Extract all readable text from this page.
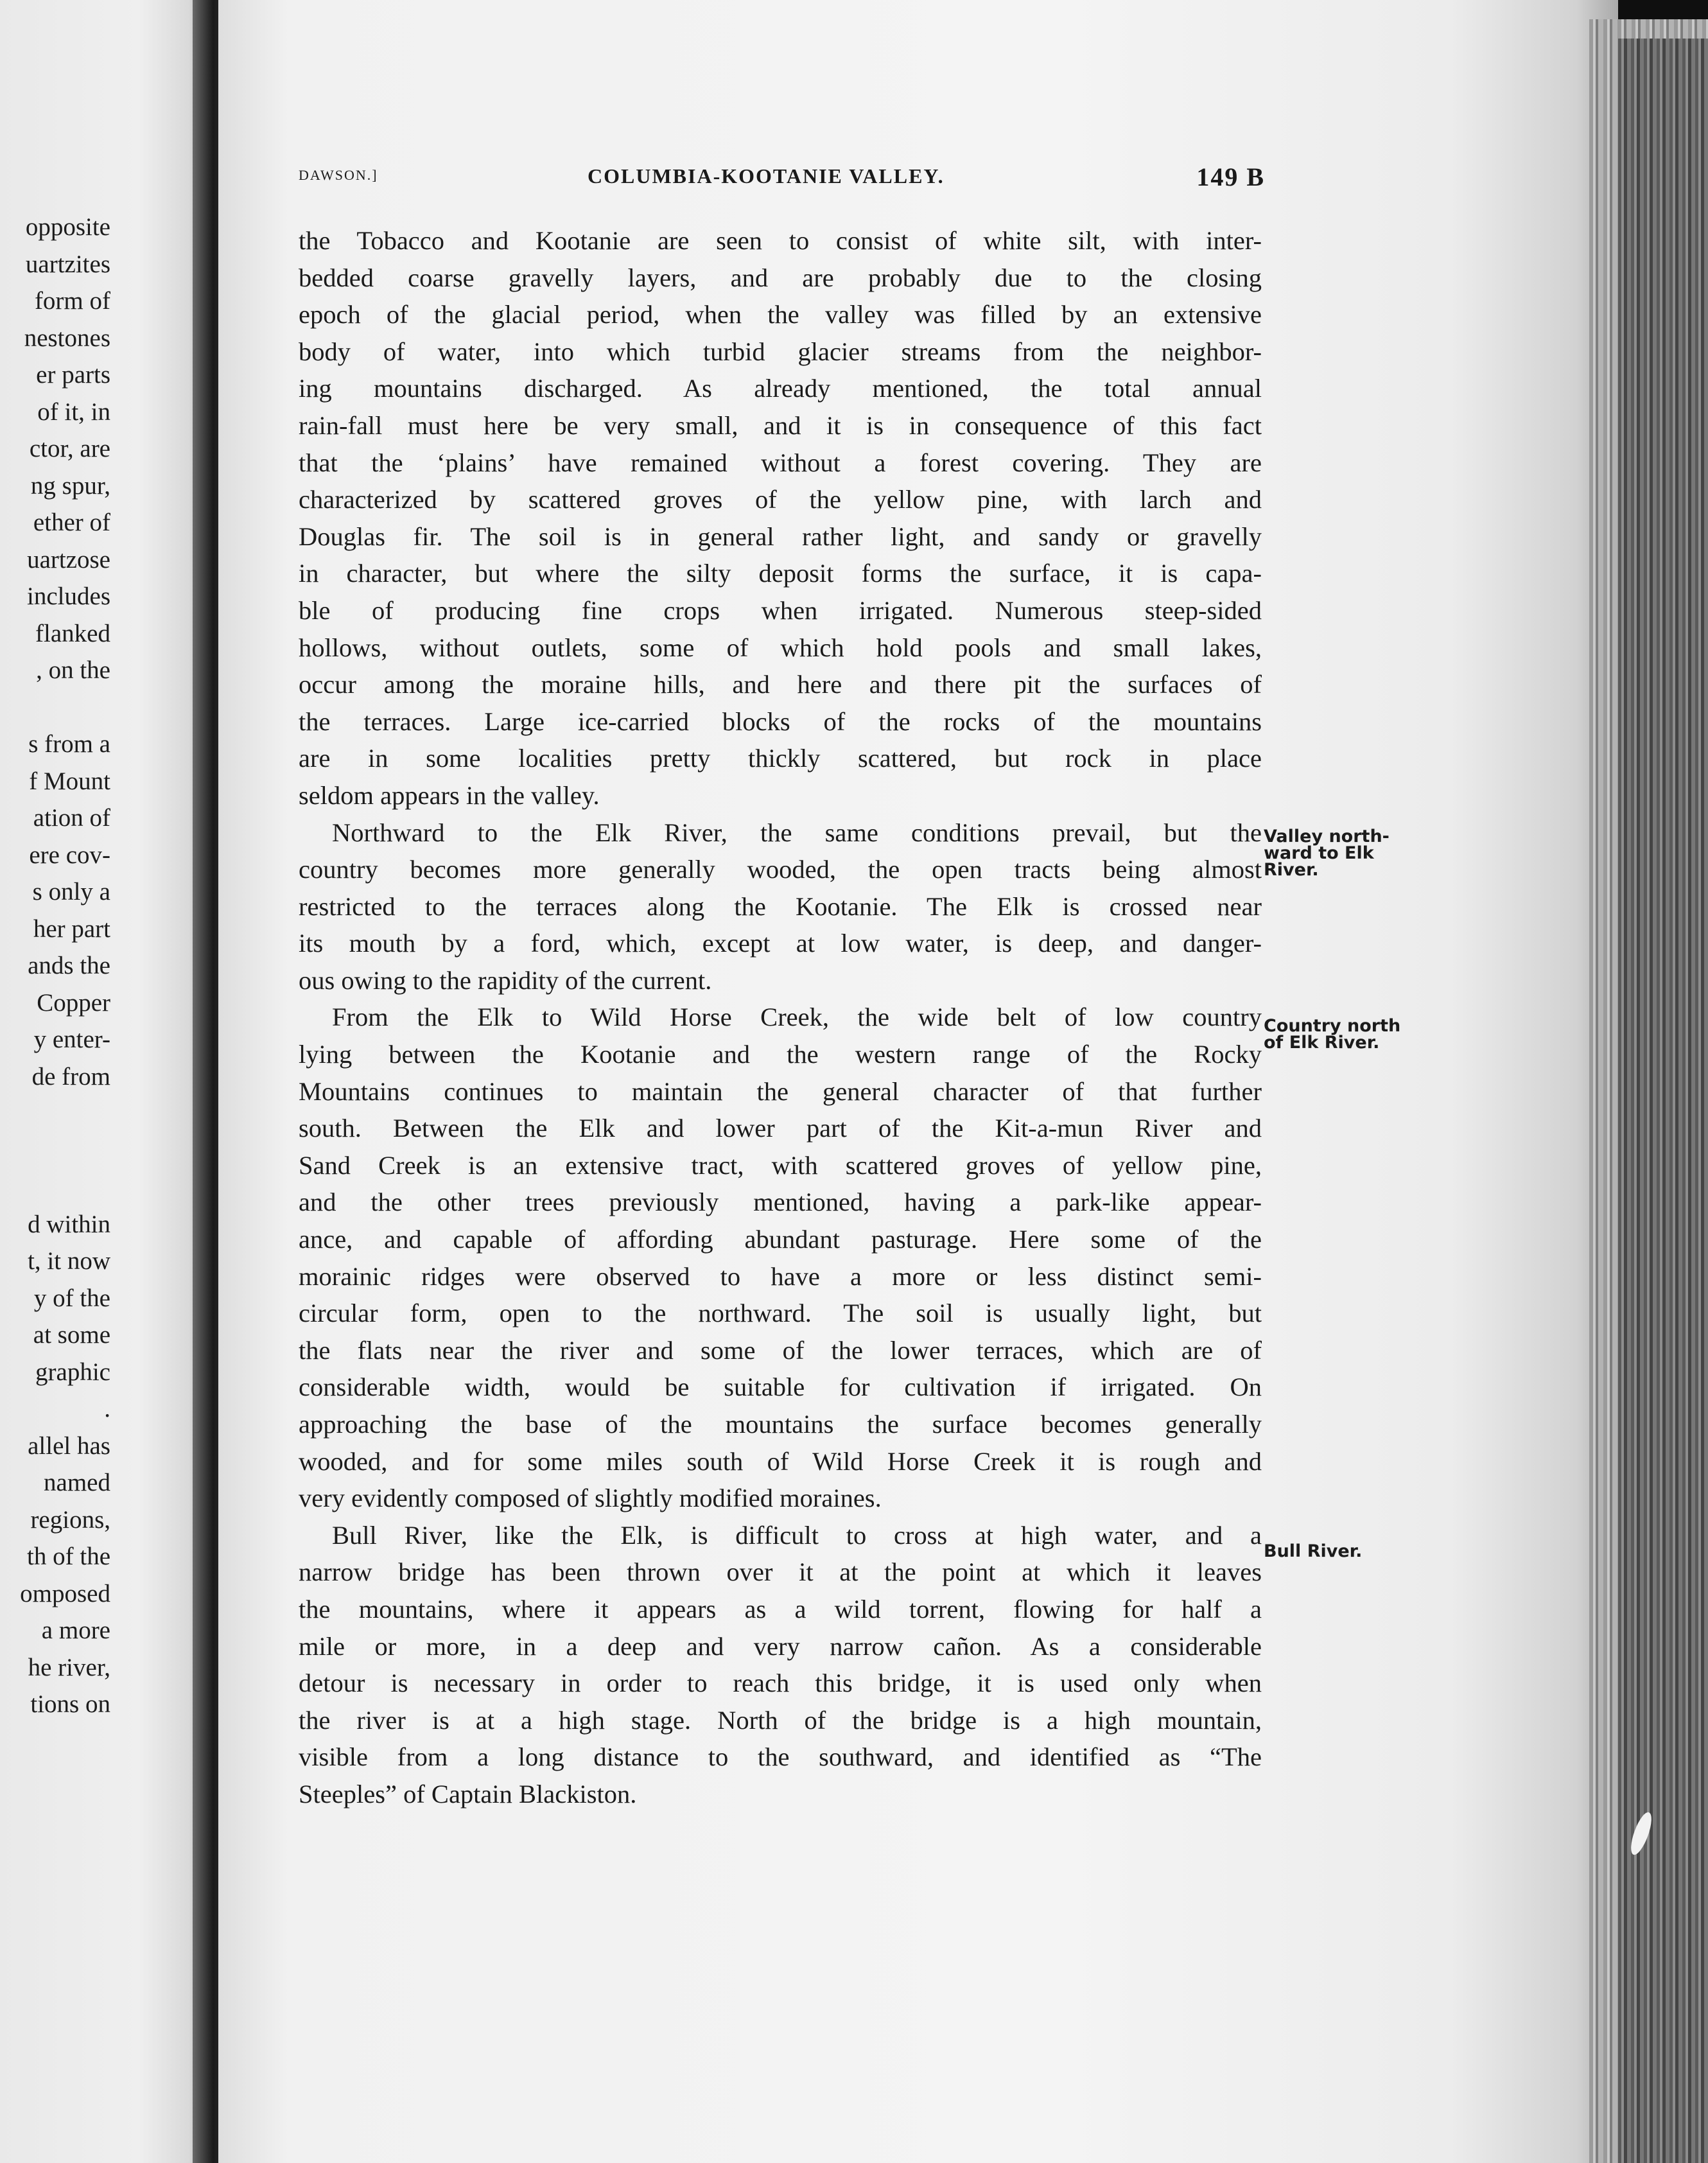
opposite
uartzites
form of
nestones
er parts
of it, in
ctor, are
ng spur,
ether of
uartzose
includes
flanked
, on the
s from a
f Mount
ation of
ere cov-
s only a
her part
ands the
Copper
y enter-
de from
d within
t, it now
y of the
at some
graphic
.
allel has
named
regions,
th of the
omposed
a more
he river,
tions on
DAWSON.]	COLUMBIA-KOOTANIE VALLEY.	149 B
the Tobacco and Kootanie are seen to consist of white silt, with inter-
bedded coarse gravelly layers, and are probably due to the closing
epoch of the glacial period, when the valley was filled by an extensive
body of water, into which turbid glacier streams from the neighbor-
ing mountains discharged. As already mentioned, the total annual
rain-fall must here be very small, and it is in consequence of this fact
that the ‘plains’ have remained without a forest covering. They are
characterized by scattered groves of the yellow pine, with larch and
Douglas fir. The soil is in general rather light, and sandy or gravelly
in character, but where the silty deposit forms the surface, it is capa-
ble of producing fine crops when irrigated. Numerous steep-sided
hollows, without outlets, some of which hold pools and small lakes,
occur among the moraine hills, and here and there pit the surfaces of
the terraces. Large ice-carried blocks of the rocks of the mountains
are in some localities pretty thickly scattered, but rock in place
seldom appears in the valley.
Northward to the Elk River, the same conditions prevail, but the
country becomes more generally wooded, the open tracts being almost
restricted to the terraces along the Kootanie. The Elk is crossed near
its mouth by a ford, which, except at low water, is deep, and danger-
ous owing to the rapidity of the current.
From the Elk to Wild Horse Creek, the wide belt of low country
lying between the Kootanie and the western range of the Rocky
Mountains continues to maintain the general character of that further
south. Between the Elk and lower part of the Kit-a-mun River and
Sand Creek is an extensive tract, with scattered groves of yellow pine,
and the other trees previously mentioned, having a park-like appear-
ance, and capable of affording abundant pasturage. Here some of the
morainic ridges were observed to have a more or less distinct semi-
circular form, open to the northward. The soil is usually light, but
the flats near the river and some of the lower terraces, which are of
considerable width, would be suitable for cultivation if irrigated. On
approaching the base of the mountains the surface becomes generally
wooded, and for some miles south of Wild Horse Creek it is rough and
very evidently composed of slightly modified moraines.
Bull River, like the Elk, is difficult to cross at high water, and a
narrow bridge has been thrown over it at the point at which it leaves
the mountains, where it appears as a wild torrent, flowing for half a
mile or more, in a deep and very narrow cañon. As a considerable
detour is necessary in order to reach this bridge, it is used only when
the river is at a high stage. North of the bridge is a high mountain,
visible from a long distance to the southward, and identified as “The
Steeples” of Captain Blackiston.
Valley north-
ward to Elk
River.
Country north
of Elk River.
Bull River.
